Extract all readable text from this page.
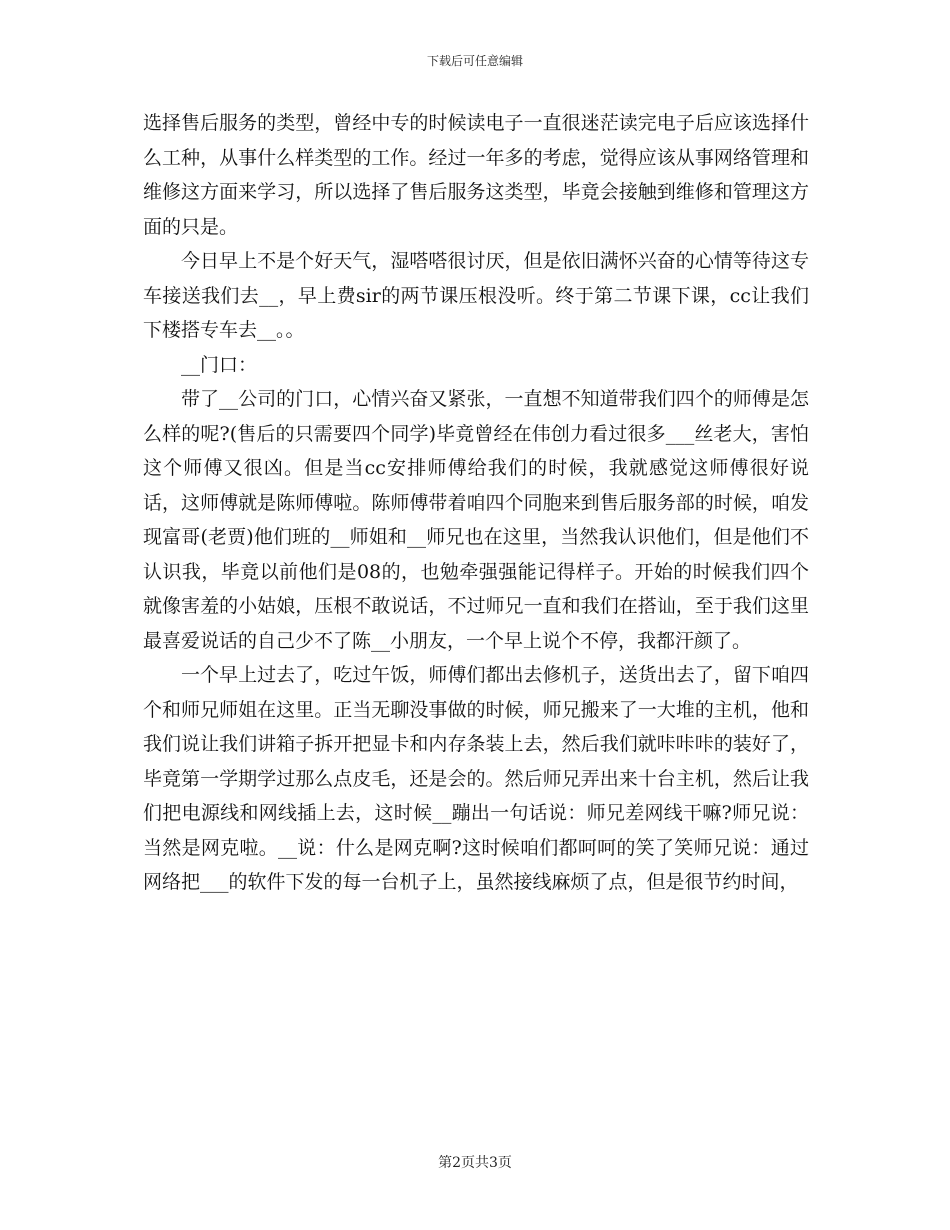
下载后可任意编辑

选择售后服务的类型，曾经中专的时候读电子一直很迷茫读完电子后应该选择什么工种，从事什么样类型的工作。经过一年多的考虑，觉得应该从事网络管理和维修这方面来学习，所以选择了售后服务这类型，毕竟会接触到维修和管理这方面的只是。

今日早上不是个好天气，湿嗒嗒很讨厌，但是依旧满怀兴奋的心情等待这专车接送我们去__，早上费sir的两节课压根没听。终于第二节课下课，cc让我们下楼搭专车去__。。

__门口：

带了__公司的门口，心情兴奋又紧张，一直想不知道带我们四个的师傅是怎么样的呢?(售后的只需要四个同学)毕竟曾经在伟创力看过很多___丝老大，害怕这个师傅又很凶。但是当cc安排师傅给我们的时候，我就感觉这师傅很好说话，这师傅就是陈师傅啦。陈师傅带着咱四个同胞来到售后服务部的时候，咱发现富哥(老贾)他们班的__师姐和__师兄也在这里，当然我认识他们，但是他们不认识我，毕竟以前他们是08的，也勉牵强强能记得样子。开始的时候我们四个就像害羞的小姑娘，压根不敢说话，不过师兄一直和我们在搭讪，至于我们这里最喜爱说话的自己少不了陈__小朋友，一个早上说个不停，我都汗颜了。

一个早上过去了，吃过午饭，师傅们都出去修机子，送货出去了，留下咱四个和师兄师姐在这里。正当无聊没事做的时候，师兄搬来了一大堆的主机，他和我们说让我们讲箱子拆开把显卡和内存条装上去，然后我们就咔咔咔的装好了，毕竟第一学期学过那么点皮毛，还是会的。然后师兄弄出来十台主机，然后让我们把电源线和网线插上去，这时候__蹦出一句话说：师兄差网线干嘛?师兄说：当然是网克啦。__说：什么是网克啊?这时候咱们都呵呵的笑了笑师兄说：通过网络把___的软件下发的每一台机子上，虽然接线麻烦了点，但是很节约时间，

第2页共3页
